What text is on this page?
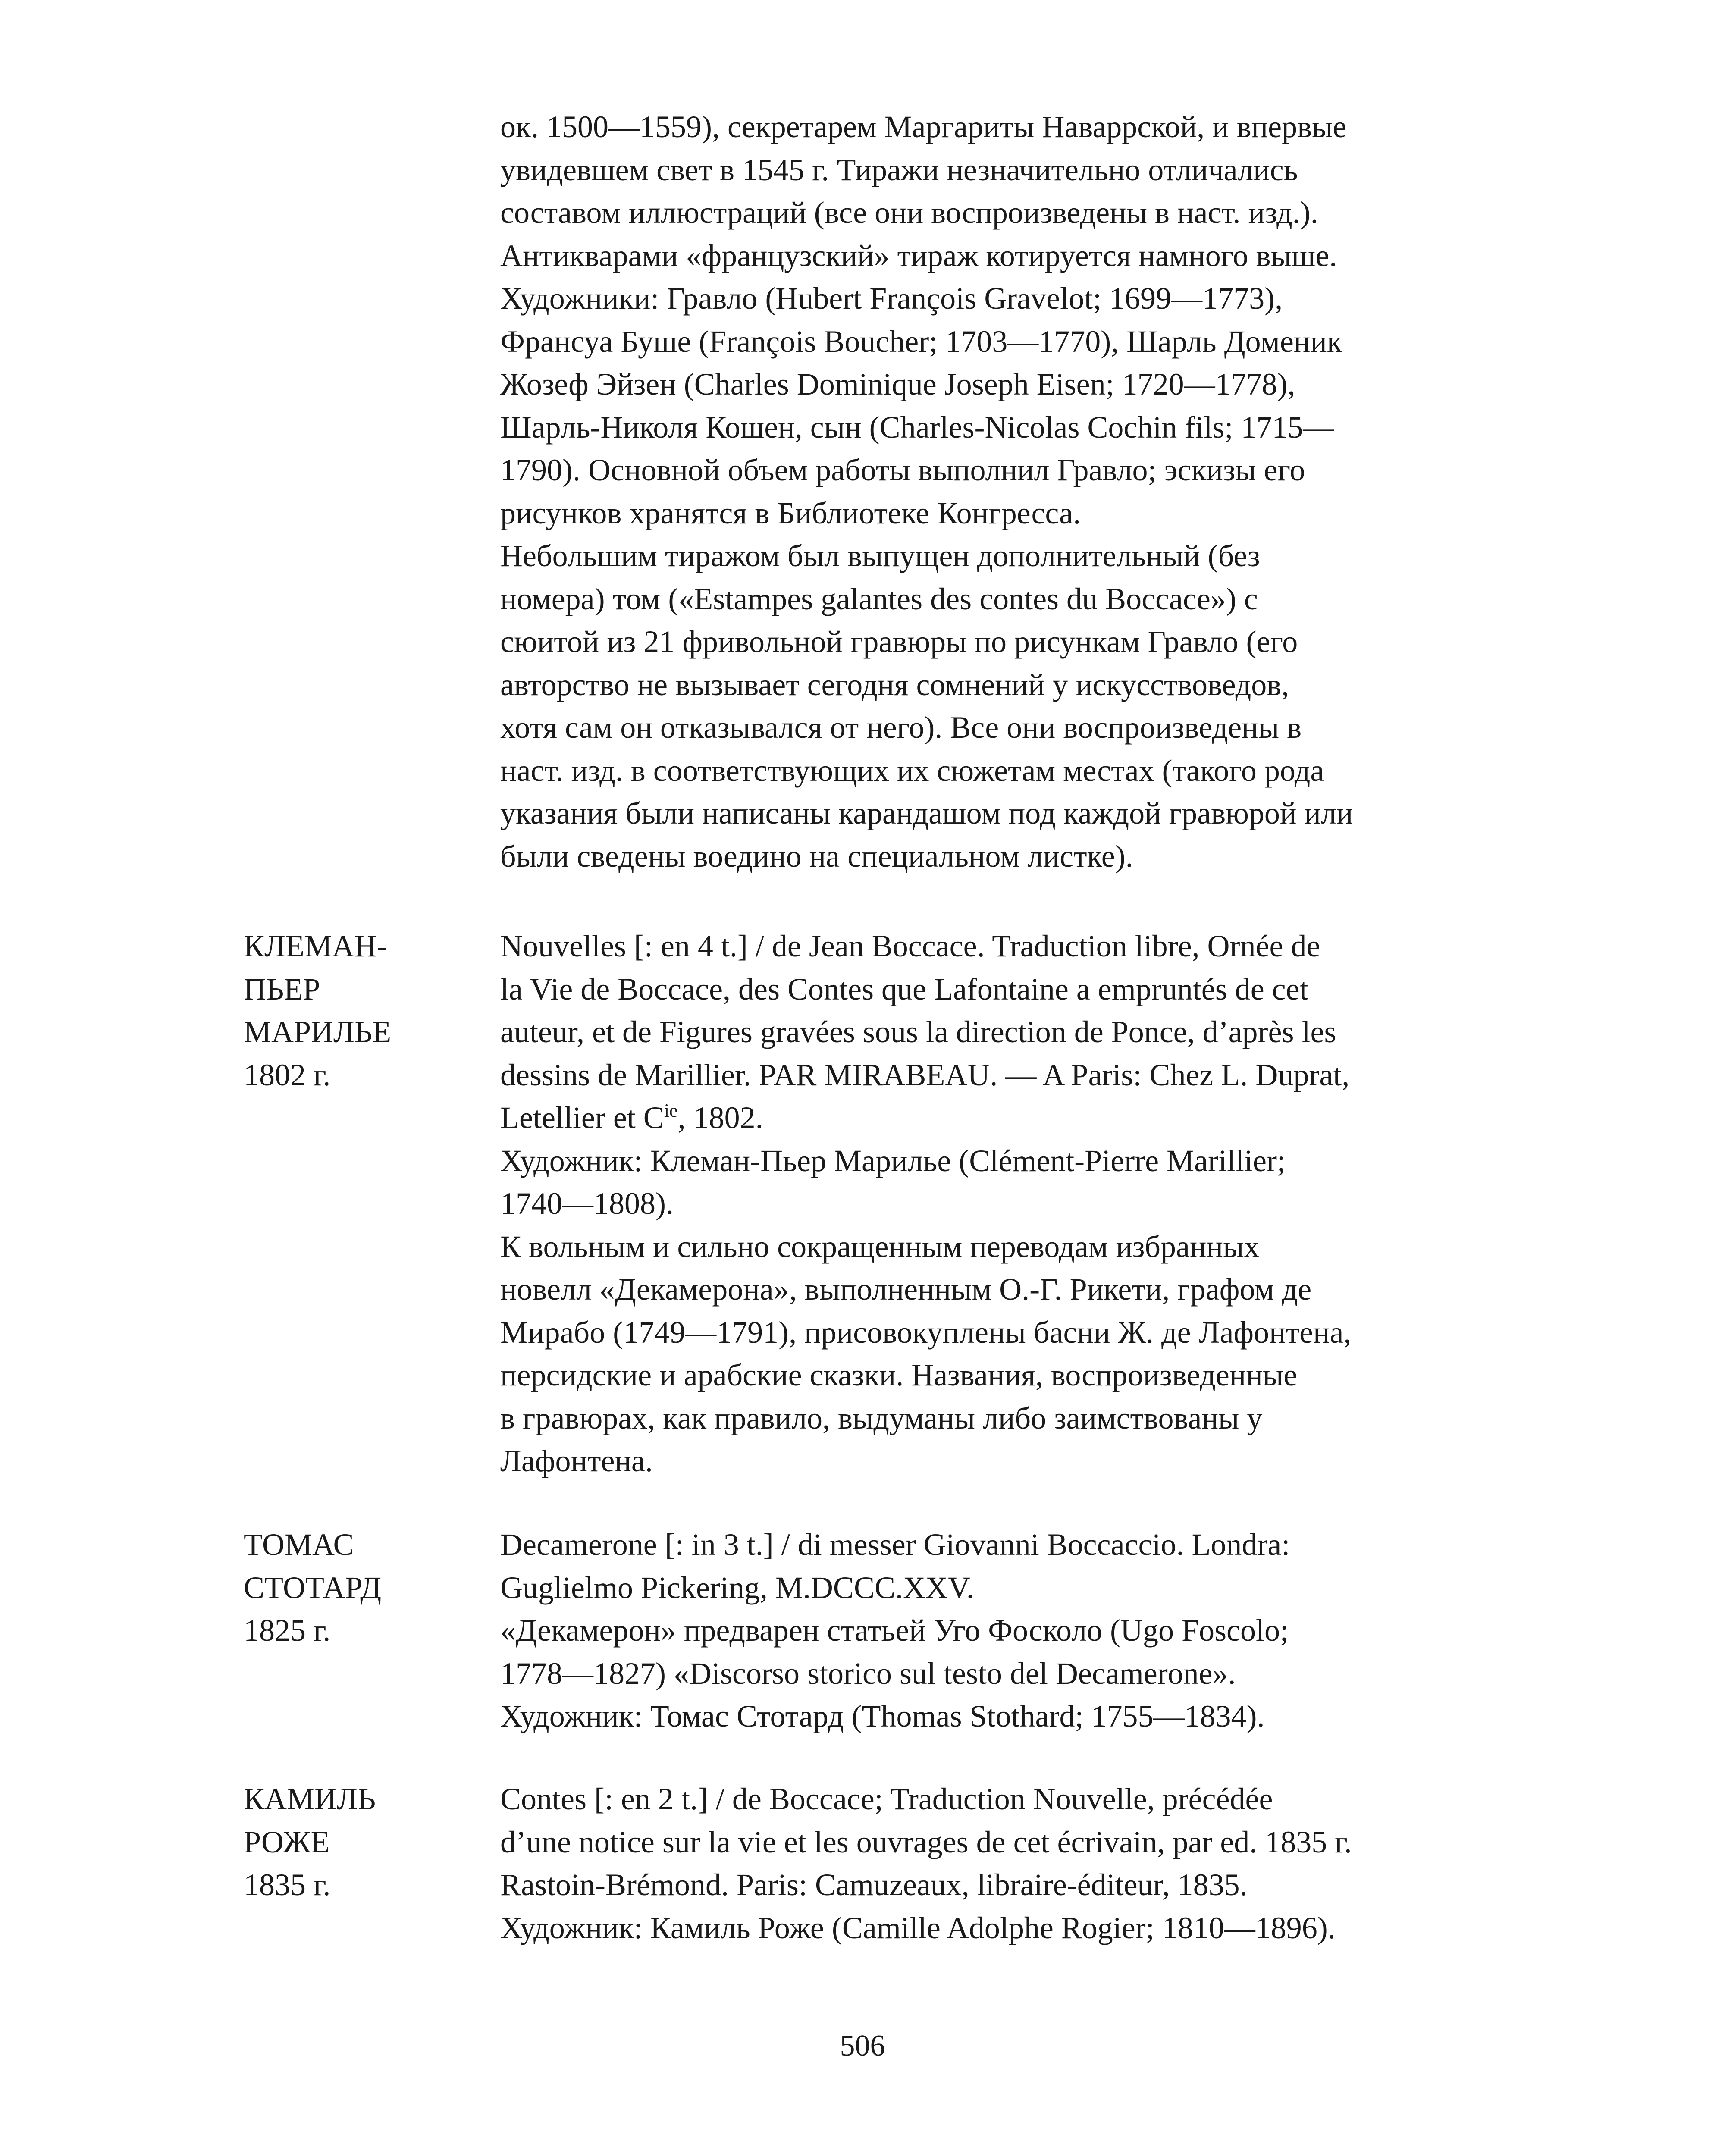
ок. 1500—1559), секретарем Маргариты Наваррской, и впервые
увидевшем свет в 1545 г. Тиражи незначительно отличались
составом иллюстраций (все они воспроизведены в наст. изд.).
Антикварами «французский» тираж котируется намного выше.
Художники: Гравло (Hubert François Gravelot; 1699—1773),
Франсуа Буше (François Boucher; 1703—1770), Шарль Доменик
Жозеф Эйзен (Charles Dominique Joseph Eisen; 1720—1778),
Шарль-Николя Кошен, сын (Charles-Nicolas Cochin fils; 1715—
1790). Основной объем работы выполнил Гравло; эскизы его
рисунков хранятся в Библиотеке Конгресса.
Небольшим тиражом был выпущен дополнительный (без
номера) том («Estampes galantes des contes du Boccace») с
сюитой из 21 фривольной гравюры по рисункам Гравло (его
авторство не вызывает сегодня сомнений у искусствоведов,
хотя сам он отказывался от него). Все они воспроизведены в
наст. изд. в соответствующих их сюжетам местах (такого рода
указания были написаны карандашом под каждой гравюрой или
были сведены воедино на специальном листке).
КЛЕМАН-
ПЬЕР
МАРИЛЬЕ
1802 г.
Nouvelles [: en 4 t.] / de Jean Boccace. Traduction libre, Ornée de
la Vie de Boccace, des Contes que Lafontaine a empruntés de cet
auteur, et de Figures gravées sous la direction de Ponce, d’après les
dessins de Marillier. PAR MIRABEAU. — A Paris: Chez L. Duprat,
Letellier et $C^{ie}$, 1802.
Художник: Клеман-Пьер Марилье (Clément-Pierre Marillier;
1740—1808).
К вольным и сильно сокращенным переводам избранных
новелл «Декамерона», выполненным О.-Г. Рикети, графом де
Мирабо (1749—1791), присовокуплены басни Ж. де Лафонтена,
персидские и арабские сказки. Названия, воспроизведенные
в гравюрах, как правило, выдуманы либо заимствованы у
Лафонтена.
ТОМАС
СТОТАРД
1825 г.
Decamerone [: in 3 t.] / di messer Giovanni Boccaccio. Londra:
Guglielmo Pickering, M.DCCC.XXV.
«Декамерон» предварен статьей Уго Фосколо (Ugo Foscolo;
1778—1827) «Discorso storico sul testo del Decamerone».
Художник: Томас Стотард (Thomas Stothard; 1755—1834).
КАМИЛЬ
РОЖЕ
1835 г.
Contes [: en 2 t.] / de Boccace; Traduction Nouvelle, précédée
d’une notice sur la vie et les ouvrages de cet écrivain, par ed. 1835 г.
Rastoin-Brémond. Paris: Camuzeaux, libraire-éditeur, 1835.
Художник: Камиль Роже (Camille Adolphe Rogier; 1810—1896).
506
